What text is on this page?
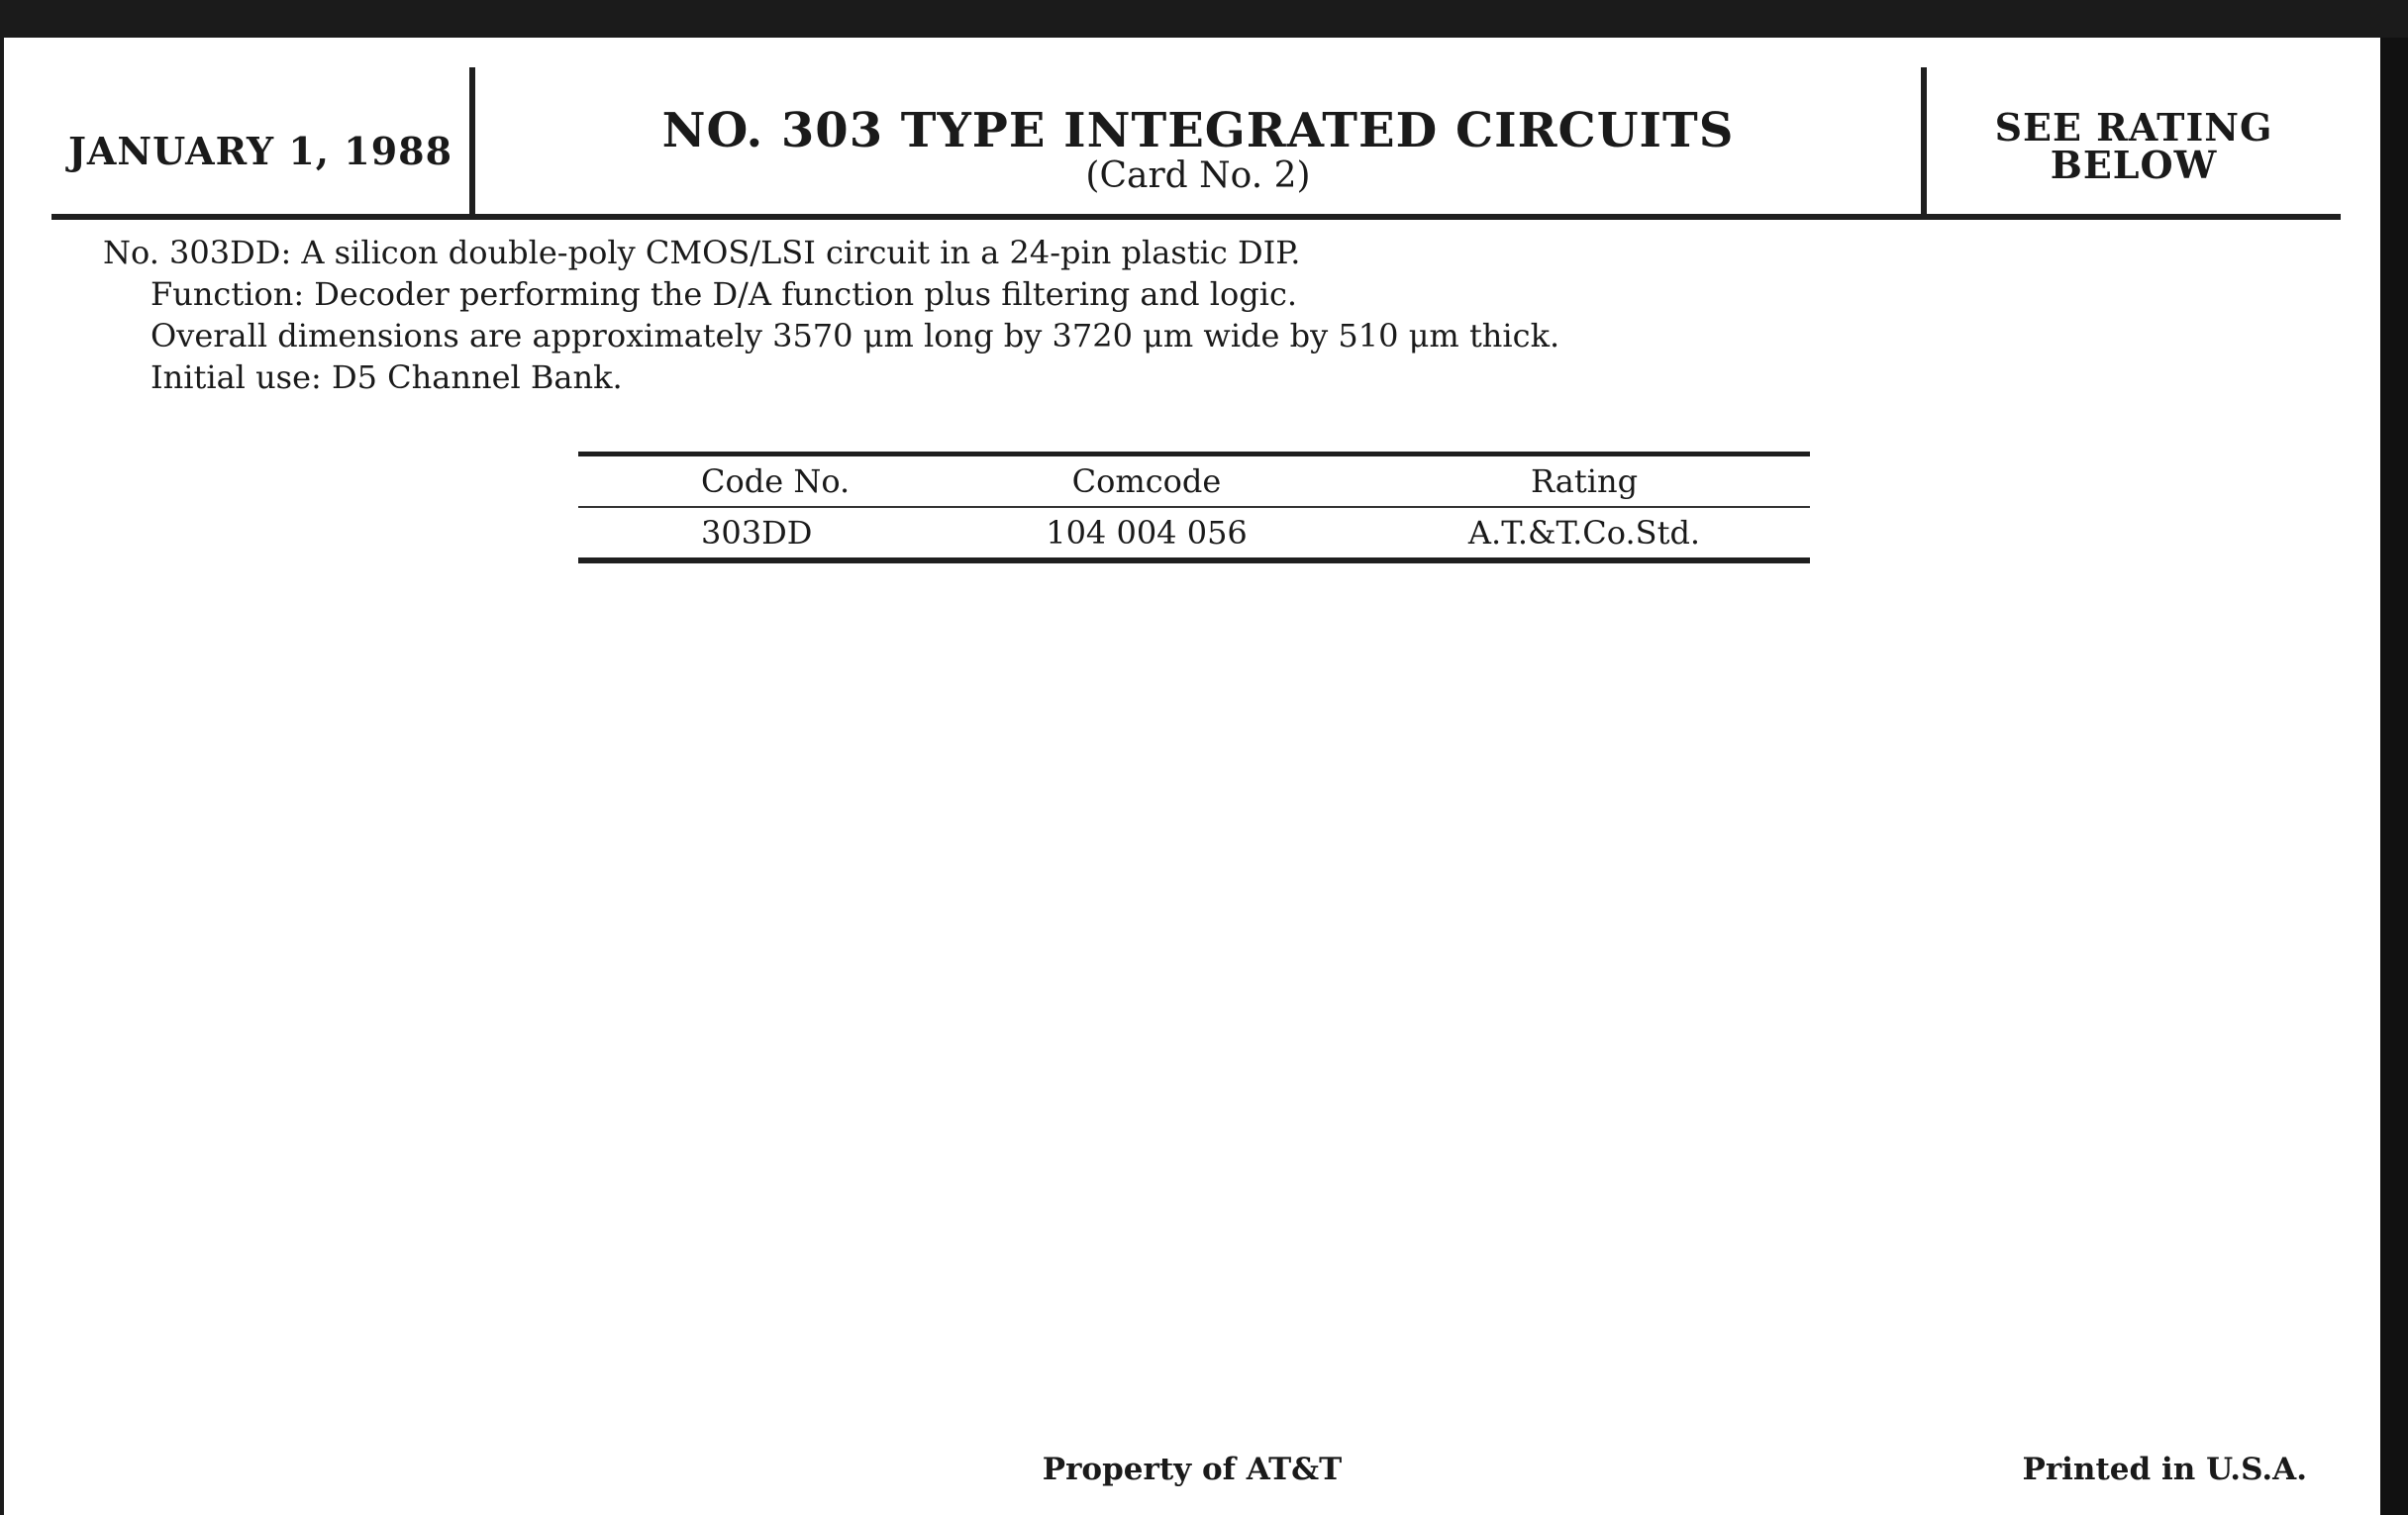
JANUARY 1, 1988	NO. 303 TYPE INTEGRATED CIRCUITS
(Card No. 2)
SEE RATING
BELOW
No. 303DD: A silicon double-poly CMOS/LSI circuit in a 24-pin plastic DIP.
Function: Decoder performing the D/A function plus filtering and logic.
Overall dimensions are approximately 3570 μm long by 3720 μm wide by 510 μm thick.
Initial use: D5 Channel Bank.
Code No.	Comcode	Rating
303DD	104 004 056	A.T.&T.Co.Std.
Property of AT&T	Printed in U.S.A.
